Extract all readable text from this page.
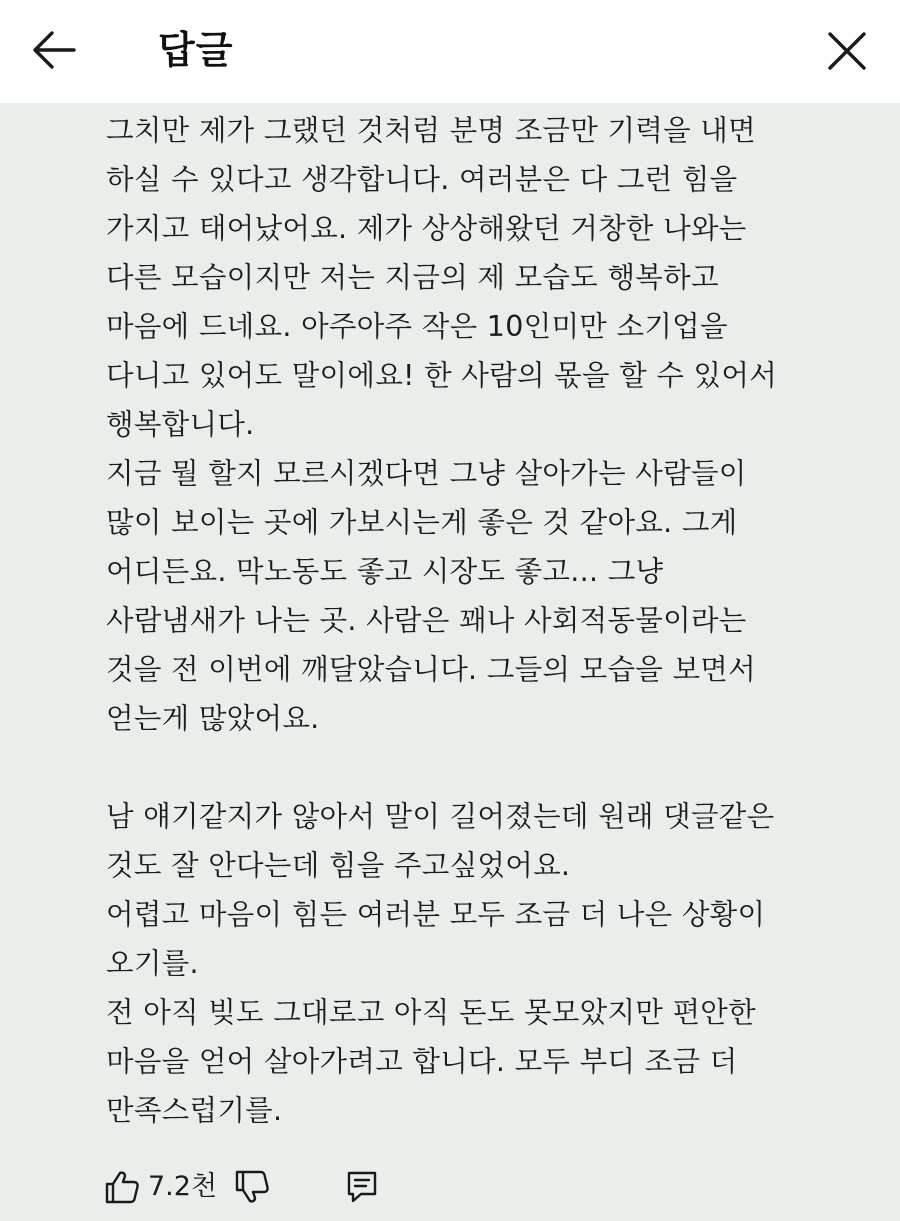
답글
그치만 제가 그랬던 것처럼 분명 조금만 기력을 내면
하실 수 있다고 생각합니다. 여러분은 다 그런 힘을
가지고 태어났어요. 제가 상상해왔던 거창한 나와는
다른 모습이지만 저는 지금의 제 모습도 행복하고
마음에 드네요. 아주아주 작은 10인미만 소기업을
다니고 있어도 말이에요! 한 사람의 몫을 할 수 있어서
행복합니다.
지금 뭘 할지 모르시겠다면 그냥 살아가는 사람들이
많이 보이는 곳에 가보시는게 좋은 것 같아요. 그게
어디든요. 막노동도 좋고 시장도 좋고... 그냥
사람냄새가 나는 곳. 사람은 꽤나 사회적동물이라는
것을 전 이번에 깨달았습니다. 그들의 모습을 보면서
얻는게 많았어요.
남 얘기같지가 않아서 말이 길어졌는데 원래 댓글같은
것도 잘 안다는데 힘을 주고싶었어요.
어렵고 마음이 힘든 여러분 모두 조금 더 나은 상황이
오기를.
전 아직 빚도 그대로고 아직 돈도 못모았지만 편안한
마음을 얻어 살아가려고 합니다. 모두 부디 조금 더
만족스럽기를.
7.2천
